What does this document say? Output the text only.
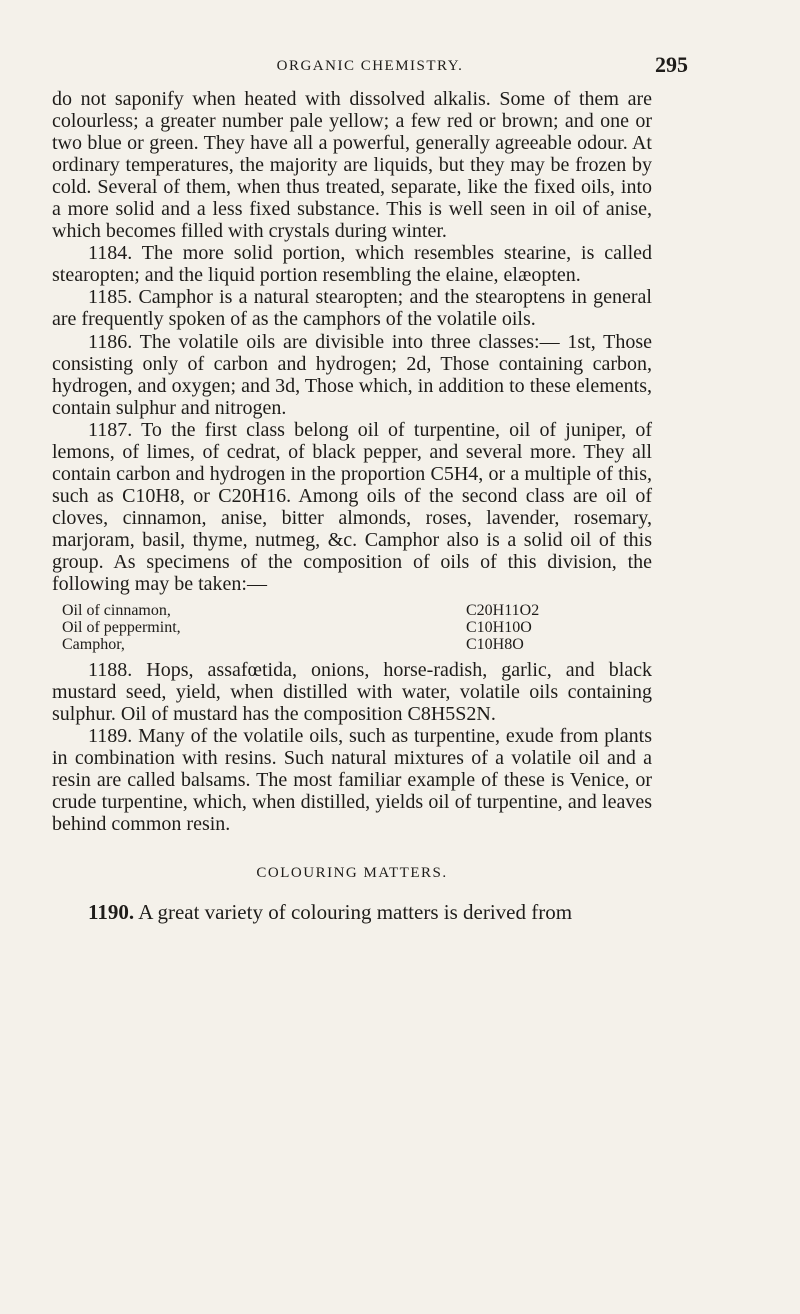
ORGANIC CHEMISTRY.	295

do not saponify when heated with dissolved alkalis. Some of them are colourless; a greater number pale yellow; a few red or brown; and one or two blue or green. They have all a powerful, generally agreeable odour. At ordinary temperatures, the majority are liquids, but they may be frozen by cold. Several of them, when thus treated, separate, like the fixed oils, into a more solid and a less fixed substance. This is well seen in oil of anise, which becomes filled with crystals during winter.

1184. The more solid portion, which resembles stearine, is called stearopten; and the liquid portion resembling the elaine, elæopten.

1185. Camphor is a natural stearopten; and the stearoptens in general are frequently spoken of as the camphors of the volatile oils.

1186. The volatile oils are divisible into three classes:— 1st, Those consisting only of carbon and hydrogen; 2d, Those containing carbon, hydrogen, and oxygen; and 3d, Those which, in addition to these elements, contain sulphur and nitrogen.

1187. To the first class belong oil of turpentine, oil of juniper, of lemons, of limes, of cedrat, of black pepper, and several more. They all contain carbon and hydrogen in the proportion C5H4, or a multiple of this, such as C10H8, or C20H16. Among oils of the second class are oil of cloves, cinnamon, anise, bitter almonds, roses, lavender, rosemary, marjoram, basil, thyme, nutmeg, &c. Camphor also is a solid oil of this group. As specimens of the composition of oils of this division, the following may be taken:—

Oil of cinnamon,	C20H11O2
Oil of peppermint,	C10H10O
Camphor,	C10H8O

1188. Hops, assafœtida, onions, horse-radish, garlic, and black mustard seed, yield, when distilled with water, volatile oils containing sulphur. Oil of mustard has the composition C8H5S2N.

1189. Many of the volatile oils, such as turpentine, exude from plants in combination with resins. Such natural mixtures of a volatile oil and a resin are called balsams. The most familiar example of these is Venice, or crude turpentine, which, when distilled, yields oil of turpentine, and leaves behind common resin.

COLOURING MATTERS.
1190. A great variety of colouring matters is derived from
